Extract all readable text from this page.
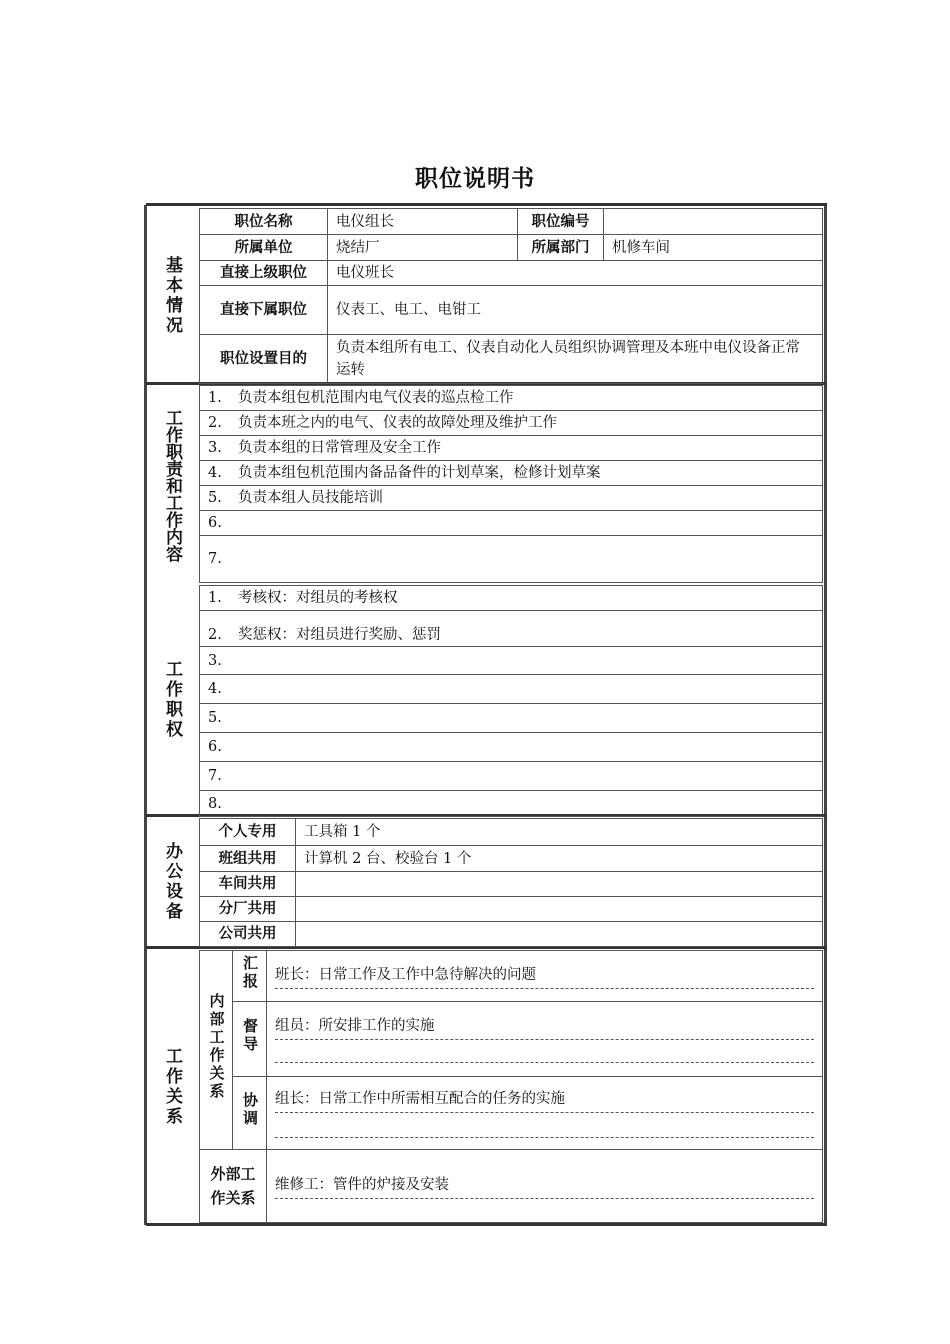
职位说明书
基本情况
职位名称	电仪组长	职位编号	
所属单位	烧结厂	所属部门	机修车间
直接上级职位	电仪班长		
直接下属职位	仪表工、电工、电钳工		
职位设置目的	负责本组所有电工、仪表自动化人员组织协调管理及本班中电仪设备正常运转		
工作职责和工作内容
1. 负责本组包机范围内电气仪表的巡点检工作
2. 负责本班之内的电气、仪表的故障处理及维护工作
3. 负责本组的日常管理及安全工作
4. 负责本组包机范围内备品备件的计划草案，检修计划草案
5. 负责本组人员技能培训
6.
7.
工作职权
1. 考核权：对组员的考核权
2. 奖惩权：对组员进行奖励、惩罚
3.
4.
5.
6.
7.
8.
办公设备
个人专用	工具箱 1 个
班组共用	计算机 2 台、校验台 1 个
车间共用	
分厂共用	
公司共用	
工作关系	内部工作关系	汇报	班长：日常工作及工作中急待解决的问题

	督导	组员：所安排工作的实施

	协调	组长：日常工作中所需相互配合的任务的实施

外部工作关系		维修工：管件的炉接及安装
